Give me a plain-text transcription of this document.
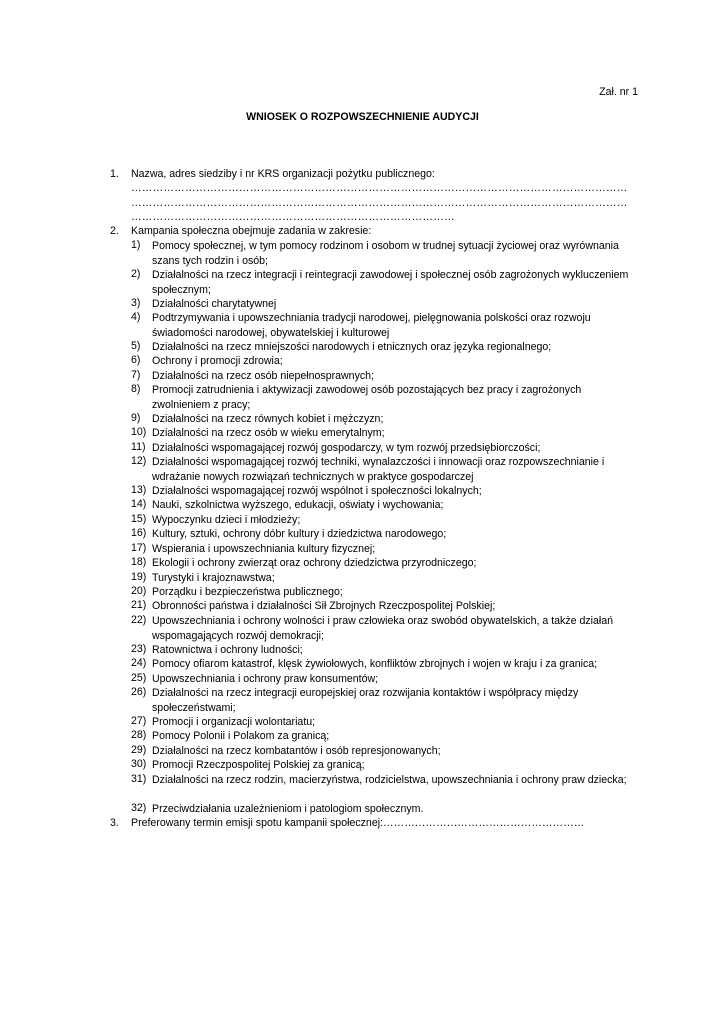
Zał. nr 1
WNIOSEK O ROZPOWSZECHNIENIE AUDYCJI
1. Nazwa, adres siedziby i nr KRS organizacji pożytku publicznego:
…………………………………………………………………………………………………………………………
…………………………………………………………………………………………………………………………
………………………………………………………………………………
2. Kampania społeczna obejmuje zadania w zakresie:
1)	Pomocy społecznej, w tym pomocy rodzinom i osobom w trudnej sytuacji życiowej oraz wyrównania szans tych rodzin i osób;
2)	Działalności na rzecz integracji i reintegracji zawodowej i społecznej osób zagrożonych wykluczeniem społecznym;
3)	Działalności charytatywnej
4)	Podtrzymywania i upowszechniania tradycji narodowej, pielęgnowania polskości oraz rozwoju świadomości narodowej, obywatelskiej i kulturowej
5)	Działalności na rzecz mniejszości narodowych i etnicznych oraz języka regionalnego;
6)	Ochrony i promocji zdrowia;
7)	Działalności na rzecz osób niepełnosprawnych;
8)	Promocji zatrudnienia i aktywizacji zawodowej osób pozostających bez pracy i zagrożonych zwolnieniem z pracy;
9)	Działalności na rzecz równych kobiet i mężczyzn;
10) Działalności na rzecz osób w wieku emerytalnym;
11) Działalności wspomagającej rozwój gospodarczy, w tym rozwój przedsiębiorczości;
12) Działalności wspomagającej rozwój techniki, wynalazczości i innowacji oraz rozpowszechnianie i wdrażanie nowych rozwiązań technicznych w praktyce gospodarczej
13) Działalności wspomagającej rozwój wspólnot i społeczności lokalnych;
14) Nauki, szkolnictwa wyższego, edukacji, oświaty i wychowania;
15) Wypoczynku dzieci i młodzieży;
16) Kultury, sztuki, ochrony dóbr kultury i dziedzictwa narodowego;
17) Wspierania i upowszechniania kultury fizycznej;
18) Ekologii i ochrony zwierząt oraz ochrony dziedzictwa przyrodniczego;
19) Turystyki i krajoznawstwa;
20) Porządku i bezpieczeństwa publicznego;
21) Obronności państwa i działalności Sił Zbrojnych Rzeczpospolitej Polskiej;
22) Upowszechniania i ochrony wolności i praw człowieka oraz swobód obywatelskich, a także działań wspomagających rozwój demokracji;
23) Ratownictwa i ochrony ludności;
24) Pomocy ofiarom katastrof, klęsk żywiołowych, konfliktów zbrojnych i wojen w kraju i za granica;
25) Upowszechniania i ochrony praw konsumentów;
26) Działalności na rzecz integracji europejskiej oraz rozwijania kontaktów i współpracy między społeczeństwami;
27) Promocji i organizacji wolontariatu;
28) Pomocy Polonii i Polakom za granicą;
29) Działalności na rzecz kombatantów i osób represjonowanych;
30) Promocji Rzeczpospolitej Polskiej za granicą;
31) Działalności na rzecz rodzin, macierzyństwa, rodzicielstwa, upowszechniania i ochrony praw dziecka;
32) Przeciwdziałania uzależnieniom i patologiom społecznym.
3. Preferowany termin emisji spotu kampanii społecznej:…………………………………………………
